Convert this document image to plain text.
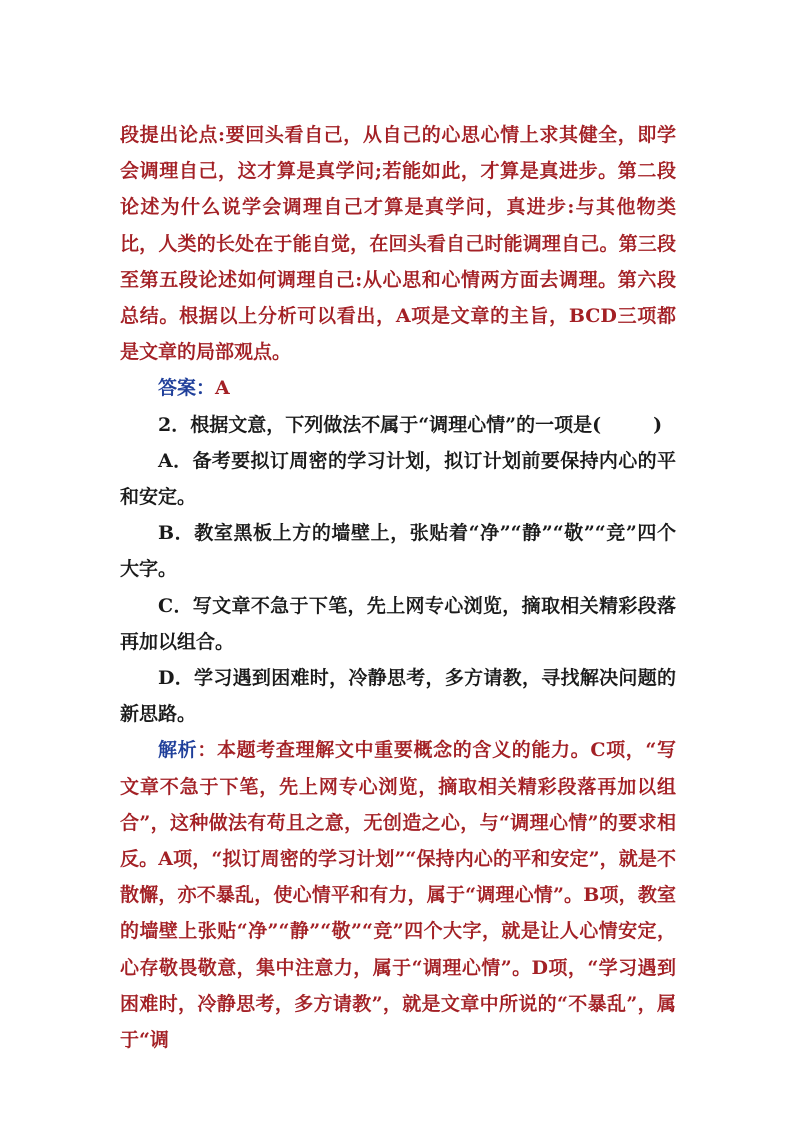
段提出论点:要回头看自己，从自己的心思心情上求其健全，即学会调理自己，这才算是真学问;若能如此，才算是真进步。第二段论述为什么说学会调理自己才算是真学问，真进步:与其他物类比，人类的长处在于能自觉，在回头看自己时能调理自己。第三段至第五段论述如何调理自己:从心思和心情两方面去调理。第六段总结。根据以上分析可以看出，A项是文章的主旨，BCD三项都是文章的局部观点。

答案：A

2．根据文意，下列做法不属于“调理心情”的一项是(	)

A．备考要拟订周密的学习计划，拟订计划前要保持内心的平和安定。

B．教室黑板上方的墙壁上，张贴着“净”“静”“敬”“竞”四个大字。

C．写文章不急于下笔，先上网专心浏览，摘取相关精彩段落再加以组合。

D．学习遇到困难时，冷静思考，多方请教，寻找解决问题的新思路。

解析：本题考查理解文中重要概念的含义的能力。C项，“写文章不急于下笔，先上网专心浏览，摘取相关精彩段落再加以组合”，这种做法有苟且之意，无创造之心，与“调理心情”的要求相反。A项，“拟订周密的学习计划”“保持内心的平和安定”，就是不散懈，亦不暴乱，使心情平和有力，属于“调理心情”。B项，教室的墙壁上张贴“净”“静”“敬”“竞”四个大字，就是让人心情安定，心存敬畏敬意，集中注意力，属于“调理心情”。D项，“学习遇到困难时，冷静思考，多方请教”，就是文章中所说的“不暴乱”，属于“调
